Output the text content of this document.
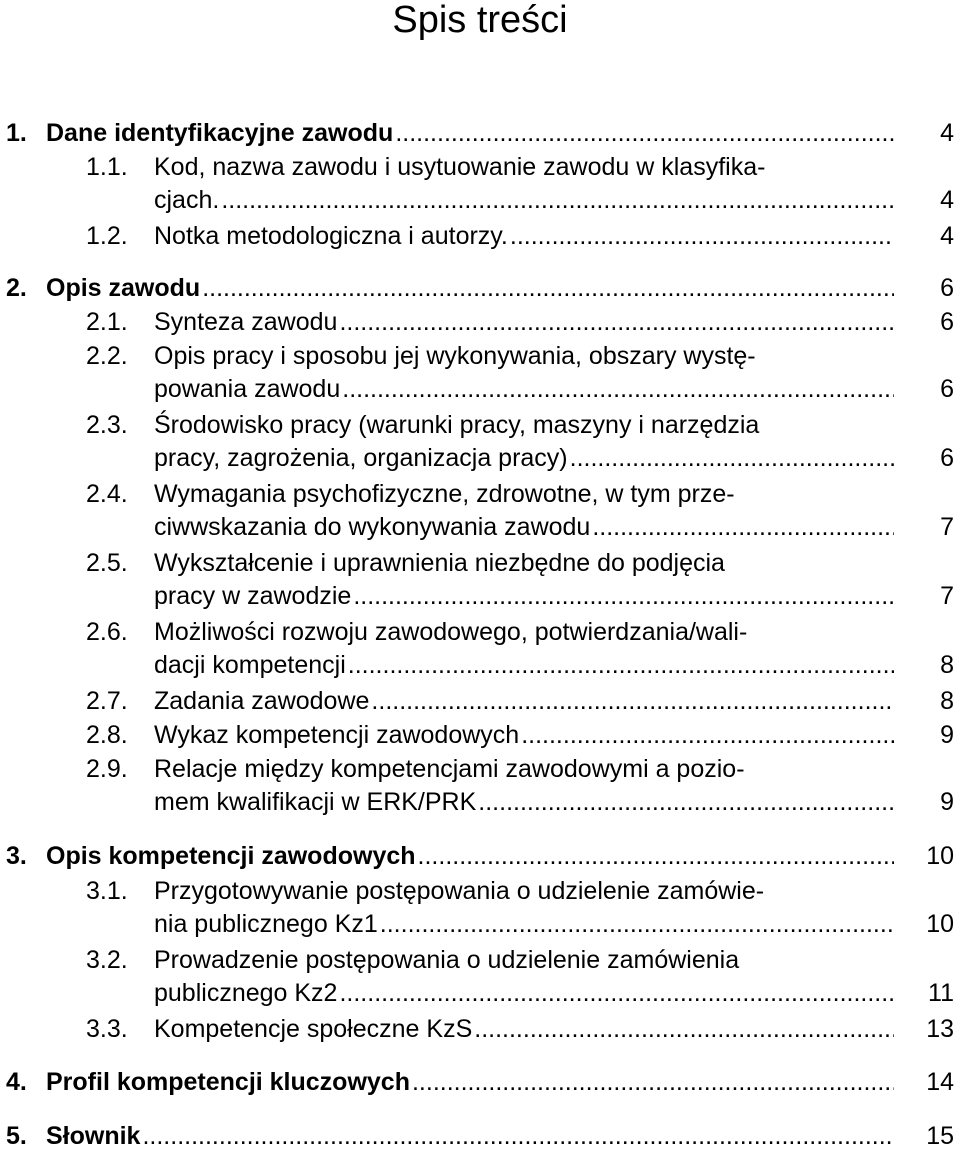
Spis treści
1. Dane identyfikacyjne zawodu .....	4
1.1.	Kod, nazwa zawodu i usytuowanie zawodu w klasyfika-
cjach. .....	4
1.2.	Notka metodologiczna i autorzy. .....	4
2. Opis zawodu .....	6
2.1.	Synteza zawodu .....	6
2.2.	Opis pracy i sposobu jej wykonywania, obszary wystę-
powania zawodu .....	6
2.3.	Środowisko pracy (warunki pracy, maszyny i narzędzia
pracy, zagrożenia, organizacja pracy) .....	6
2.4.	Wymagania psychofizyczne, zdrowotne, w tym prze-
ciwwskazania do wykonywania zawodu .....	7
2.5.	Wykształcenie i uprawnienia niezbędne do podjęcia
pracy w zawodzie .....	7
2.6.	Możliwości rozwoju zawodowego, potwierdzania/wali-
dacji kompetencji .....	8
2.7.	Zadania zawodowe .....	8
2.8.	Wykaz kompetencji zawodowych .....	9
2.9.	Relacje między kompetencjami zawodowymi a pozio-
mem kwalifikacji w ERK/PRK .....	9
3. Opis kompetencji zawodowych .....	10
3.1.	Przygotowywanie postępowania o udzielenie zamówie-
nia publicznego Kz1 .....	10
3.2.	Prowadzenie postępowania o udzielenie zamówienia
publicznego Kz2 .....	11
3.3.	Kompetencje społeczne KzS .....	13
4. Profil kompetencji kluczowych .....	14
5. Słownik .....	15
